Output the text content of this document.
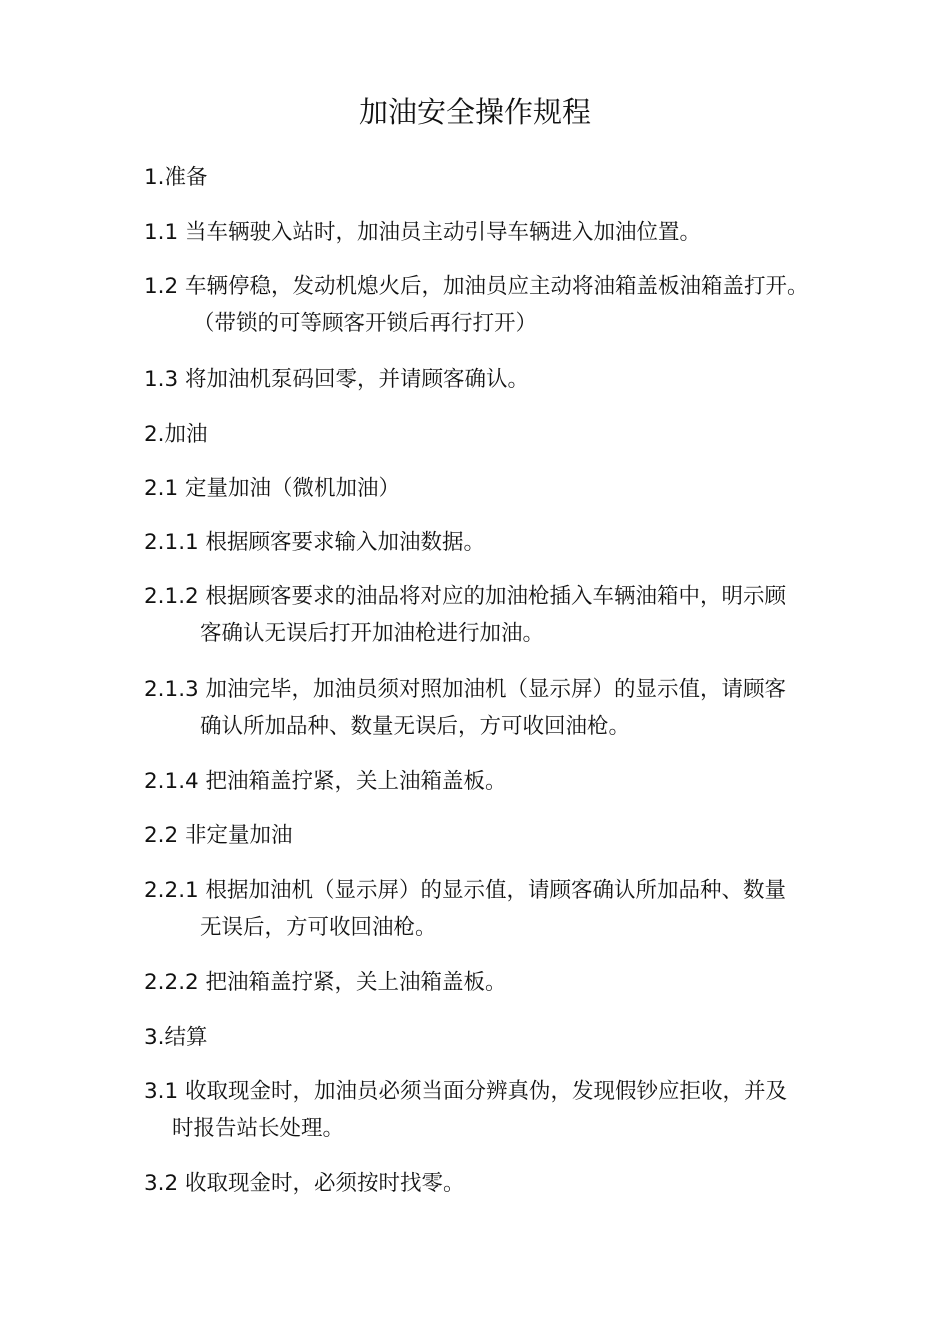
加油安全操作规程

1.准备

1.1 当车辆驶入站时，加油员主动引导车辆进入加油位置。

1.2 车辆停稳，发动机熄火后，加油员应主动将油箱盖板油箱盖打开。

（带锁的可等顾客开锁后再行打开）

1.3 将加油机泵码回零，并请顾客确认。

2.加油

2.1 定量加油（微机加油）

2.1.1 根据顾客要求输入加油数据。

2.1.2 根据顾客要求的油品将对应的加油枪插入车辆油箱中，明示顾

客确认无误后打开加油枪进行加油。

2.1.3 加油完毕，加油员须对照加油机（显示屏）的显示值，请顾客

确认所加品种、数量无误后，方可收回油枪。

2.1.4 把油箱盖拧紧，关上油箱盖板。

2.2 非定量加油

2.2.1 根据加油机（显示屏）的显示值，请顾客确认所加品种、数量

无误后，方可收回油枪。

2.2.2 把油箱盖拧紧，关上油箱盖板。

3.结算

3.1 收取现金时，加油员必须当面分辨真伪，发现假钞应拒收，并及

时报告站长处理。

3.2 收取现金时，必须按时找零。
